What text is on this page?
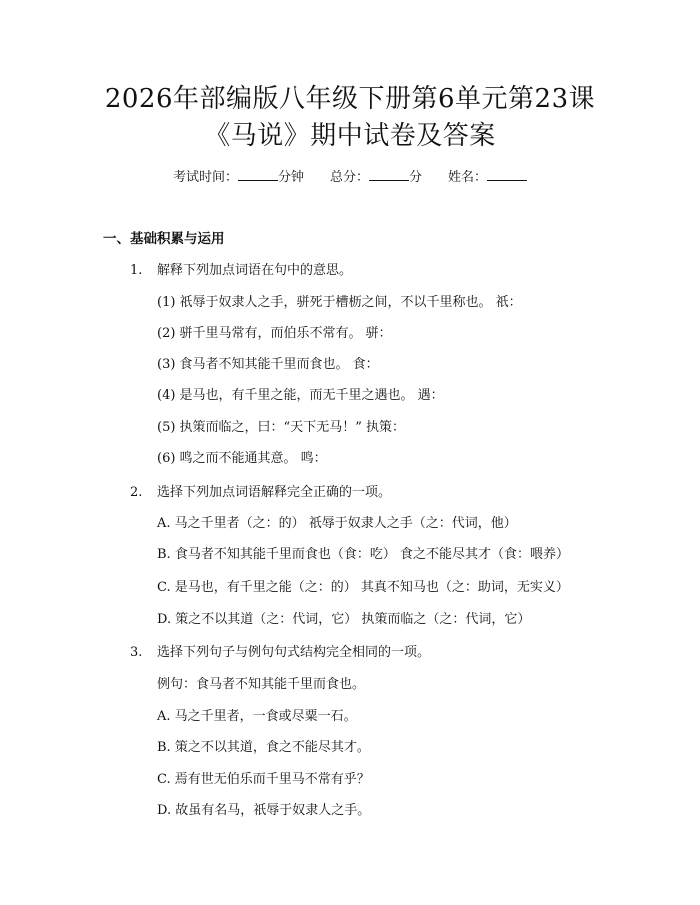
2026年部编版八年级下册第6单元第23课
《马说》期中试卷及答案
考试时间：	分钟 总分：	分 姓名：
一、基础积累与运用
1. 解释下列加点词语在句中的意思。
(1) 祇辱于奴隶人之手，骈死于槽枥之间，不以千里称也。 祇：
(2) 骈千里马常有，而伯乐不常有。 骈：
(3) 食马者不知其能千里而食也。 食：
(4) 是马也，有千里之能，而无千里之遇也。 遇：
(5) 执策而临之，曰：“天下无马！” 执策：
(6) 鸣之而不能通其意。 鸣：
2. 选择下列加点词语解释完全正确的一项。
A. 马之千里者（之：的） 祇辱于奴隶人之手（之：代词，他）
B. 食马者不知其能千里而食也（食：吃） 食之不能尽其才（食：喂养）
C. 是马也，有千里之能（之：的） 其真不知马也（之：助词，无实义）
D. 策之不以其道（之：代词，它） 执策而临之（之：代词，它）
3. 选择下列句子与例句句式结构完全相同的一项。
例句：食马者不知其能千里而食也。
A. 马之千里者，一食或尽粟一石。
B. 策之不以其道，食之不能尽其才。
C. 焉有世无伯乐而千里马不常有乎？
D. 故虽有名马，祇辱于奴隶人之手。
